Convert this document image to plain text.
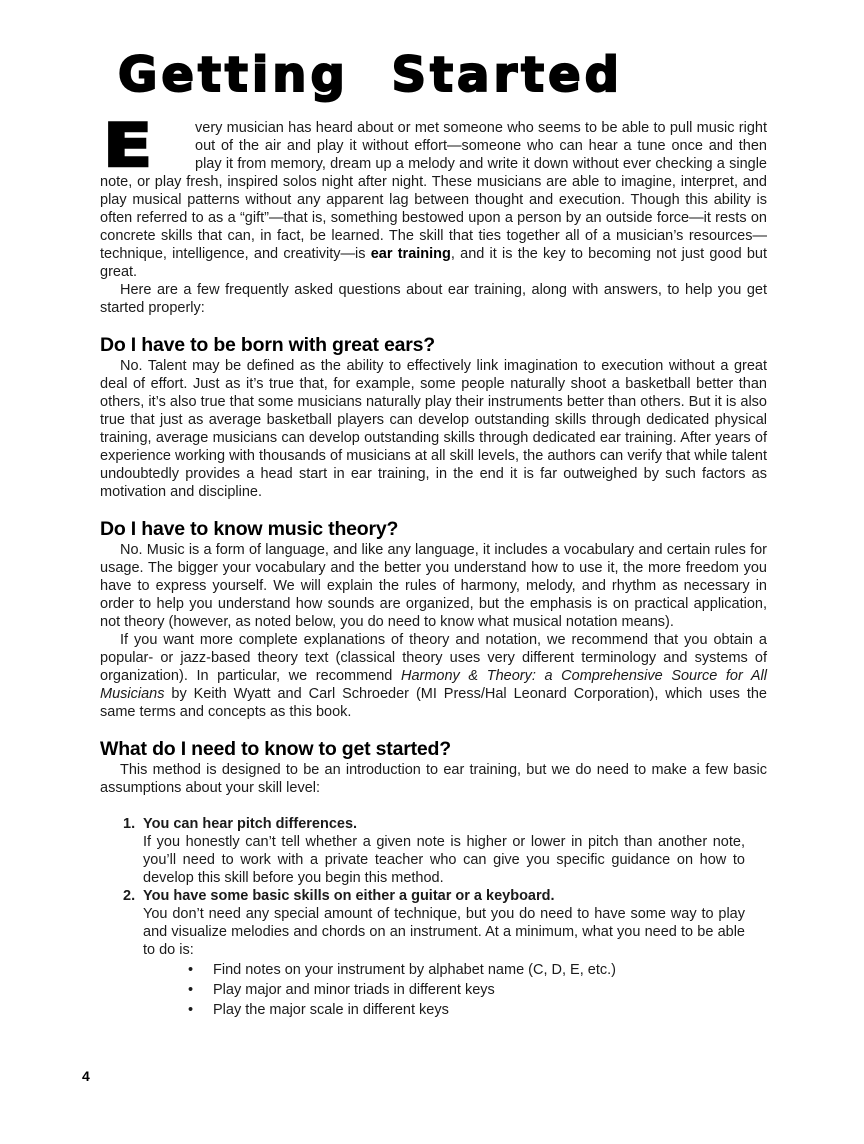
Getting Started

E	very musician has heard about or met someone who seems to be able to pull music right out of the air and play it without effort—someone who can hear a tune once and then play it from memory, dream up a melody and write it down without ever checking a single note, or play fresh, inspired solos night after night. These musicians are able to imagine, interpret, and play musical patterns without any apparent lag between thought and execution. Though this ability is often referred to as a “gift”—that is, something bestowed upon a person by an outside force—it rests on concrete skills that can, in fact, be learned. The skill that ties together all of a musician’s resources—technique, intelligence, and creativity—is ear training, and it is the key to becoming not just good but great.

Here are a few frequently asked questions about ear training, along with answers, to help you get started properly:

Do I have to be born with great ears?

No. Talent may be defined as the ability to effectively link imagination to execution without a great deal of effort. Just as it’s true that, for example, some people naturally shoot a basketball better than others, it’s also true that some musicians naturally play their instruments better than others. But it is also true that just as average basketball players can develop outstanding skills through dedicated physical training, average musicians can develop outstanding skills through dedicated ear training. After years of experience working with thousands of musicians at all skill levels, the authors can verify that while talent undoubtedly provides a head start in ear training, in the end it is far outweighed by such factors as motivation and discipline.

Do I have to know music theory?

No. Music is a form of language, and like any language, it includes a vocabulary and certain rules for usage. The bigger your vocabulary and the better you understand how to use it, the more freedom you have to express yourself. We will explain the rules of harmony, melody, and rhythm as necessary in order to help you understand how sounds are organized, but the emphasis is on practical application, not theory (however, as noted below, you do need to know what musical notation means).

If you want more complete explanations of theory and notation, we recommend that you obtain a popular- or jazz-based theory text (classical theory uses very different terminology and systems of organization). In particular, we recommend Harmony & Theory: a Comprehensive Source for All Musicians by Keith Wyatt and Carl Schroeder (MI Press/Hal Leonard Corporation), which uses the same terms and concepts as this book.

What do I need to know to get started?

This method is designed to be an introduction to ear training, but we do need to make a few basic assumptions about your skill level:

1. You can hear pitch differences.

If you honestly can’t tell whether a given note is higher or lower in pitch than another note, you’ll need to work with a private teacher who can give you specific guidance on how to develop this skill before you begin this method.

2. You have some basic skills on either a guitar or a keyboard.

You don’t need any special amount of technique, but you do need to have some way to play and visualize melodies and chords on an instrument. At a minimum, what you need to be able to do is:

•	Find notes on your instrument by alphabet name (C, D, E, etc.)
•	Play major and minor triads in different keys
•	Play the major scale in different keys
4
